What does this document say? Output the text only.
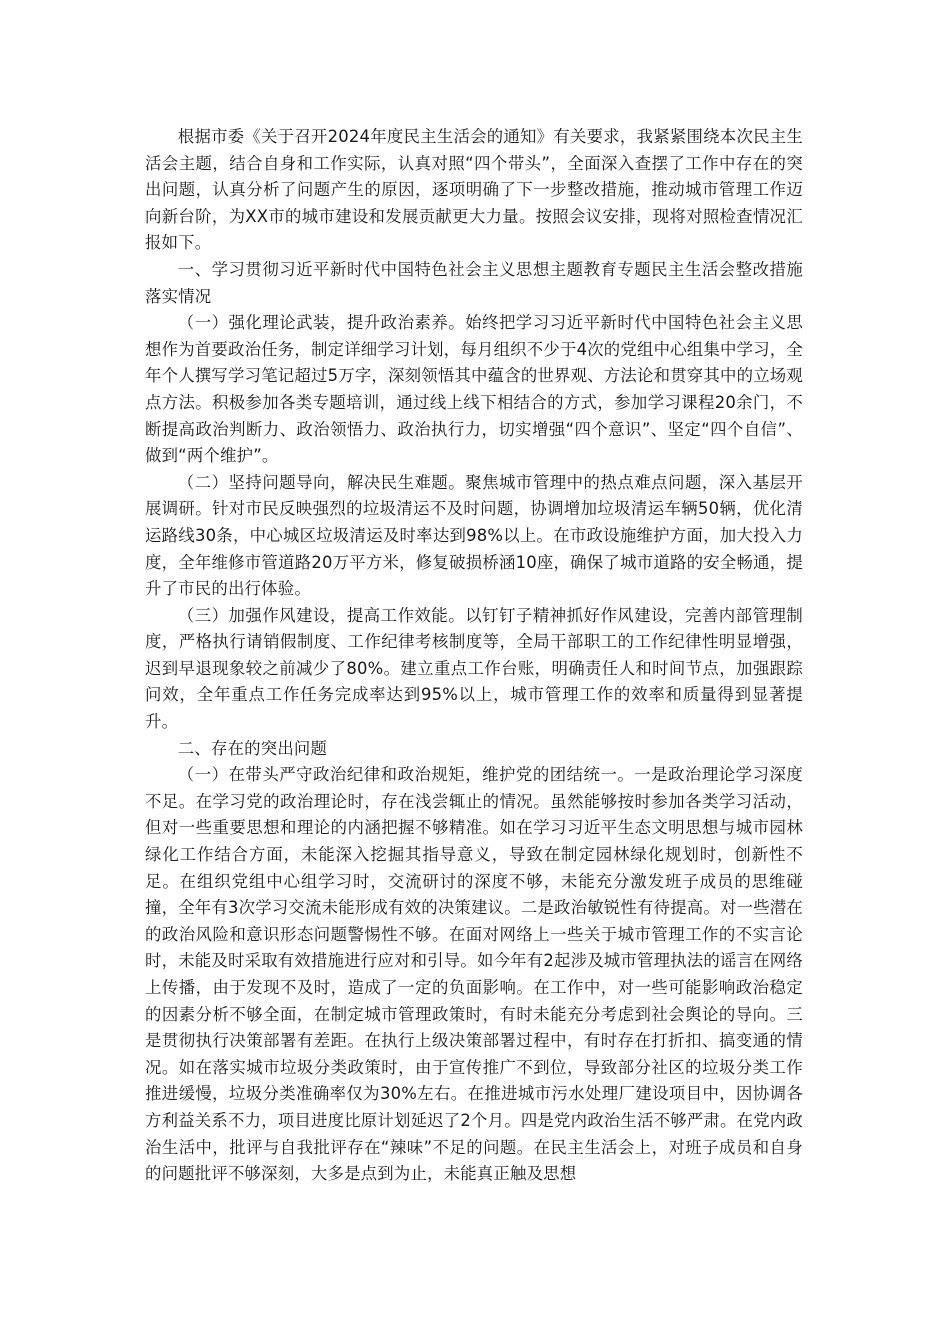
根据市委《关于召开2024年度民主生活会的通知》有关要求，我紧紧围绕本次民主生活会主题，结合自身和工作实际，认真对照“四个带头”，全面深入查摆了工作中存在的突出问题，认真分析了问题产生的原因，逐项明确了下一步整改措施，推动城市管理工作迈向新台阶，为XX市的城市建设和发展贡献更大力量。按照会议安排，现将对照检查情况汇报如下。

一、学习贯彻习近平新时代中国特色社会主义思想主题教育专题民主生活会整改措施落实情况

（一）强化理论武装，提升政治素养。始终把学习习近平新时代中国特色社会主义思想作为首要政治任务，制定详细学习计划，每月组织不少于4次的党组中心组集中学习，全年个人撰写学习笔记超过5万字，深刻领悟其中蕴含的世界观、方法论和贯穿其中的立场观点方法。积极参加各类专题培训，通过线上线下相结合的方式，参加学习课程20余门，不断提高政治判断力、政治领悟力、政治执行力，切实增强“四个意识”、坚定“四个自信”、做到“两个维护”。

（二）坚持问题导向，解决民生难题。聚焦城市管理中的热点难点问题，深入基层开展调研。针对市民反映强烈的垃圾清运不及时问题，协调增加垃圾清运车辆50辆，优化清运路线30条，中心城区垃圾清运及时率达到98%以上。在市政设施维护方面，加大投入力度，全年维修市管道路20万平方米，修复破损桥涵10座，确保了城市道路的安全畅通，提升了市民的出行体验。

（三）加强作风建设，提高工作效能。以钉钉子精神抓好作风建设，完善内部管理制度，严格执行请销假制度、工作纪律考核制度等，全局干部职工的工作纪律性明显增强，迟到早退现象较之前减少了80%。建立重点工作台账，明确责任人和时间节点，加强跟踪问效，全年重点工作任务完成率达到95%以上，城市管理工作的效率和质量得到显著提升。

二、存在的突出问题

（一）在带头严守政治纪律和政治规矩，维护党的团结统一。一是政治理论学习深度不足。在学习党的政治理论时，存在浅尝辄止的情况。虽然能够按时参加各类学习活动，但对一些重要思想和理论的内涵把握不够精准。如在学习习近平生态文明思想与城市园林绿化工作结合方面，未能深入挖掘其指导意义，导致在制定园林绿化规划时，创新性不足。在组织党组中心组学习时，交流研讨的深度不够，未能充分激发班子成员的思维碰撞，全年有3次学习交流未能形成有效的决策建议。二是政治敏锐性有待提高。对一些潜在的政治风险和意识形态问题警惕性不够。在面对网络上一些关于城市管理工作的不实言论时，未能及时采取有效措施进行应对和引导。如今年有2起涉及城市管理执法的谣言在网络上传播，由于发现不及时，造成了一定的负面影响。在工作中，对一些可能影响政治稳定的因素分析不够全面，在制定城市管理政策时，有时未能充分考虑到社会舆论的导向。三是贯彻执行决策部署有差距。在执行上级决策部署过程中，有时存在打折扣、搞变通的情况。如在落实城市垃圾分类政策时，由于宣传推广不到位，导致部分社区的垃圾分类工作推进缓慢，垃圾分类准确率仅为30%左右。在推进城市污水处理厂建设项目中，因协调各方利益关系不力，项目进度比原计划延迟了2个月。四是党内政治生活不够严肃。在党内政治生活中，批评与自我批评存在“辣味”不足的问题。在民主生活会上，对班子成员和自身的问题批评不够深刻，大多是点到为止，未能真正触及思想
